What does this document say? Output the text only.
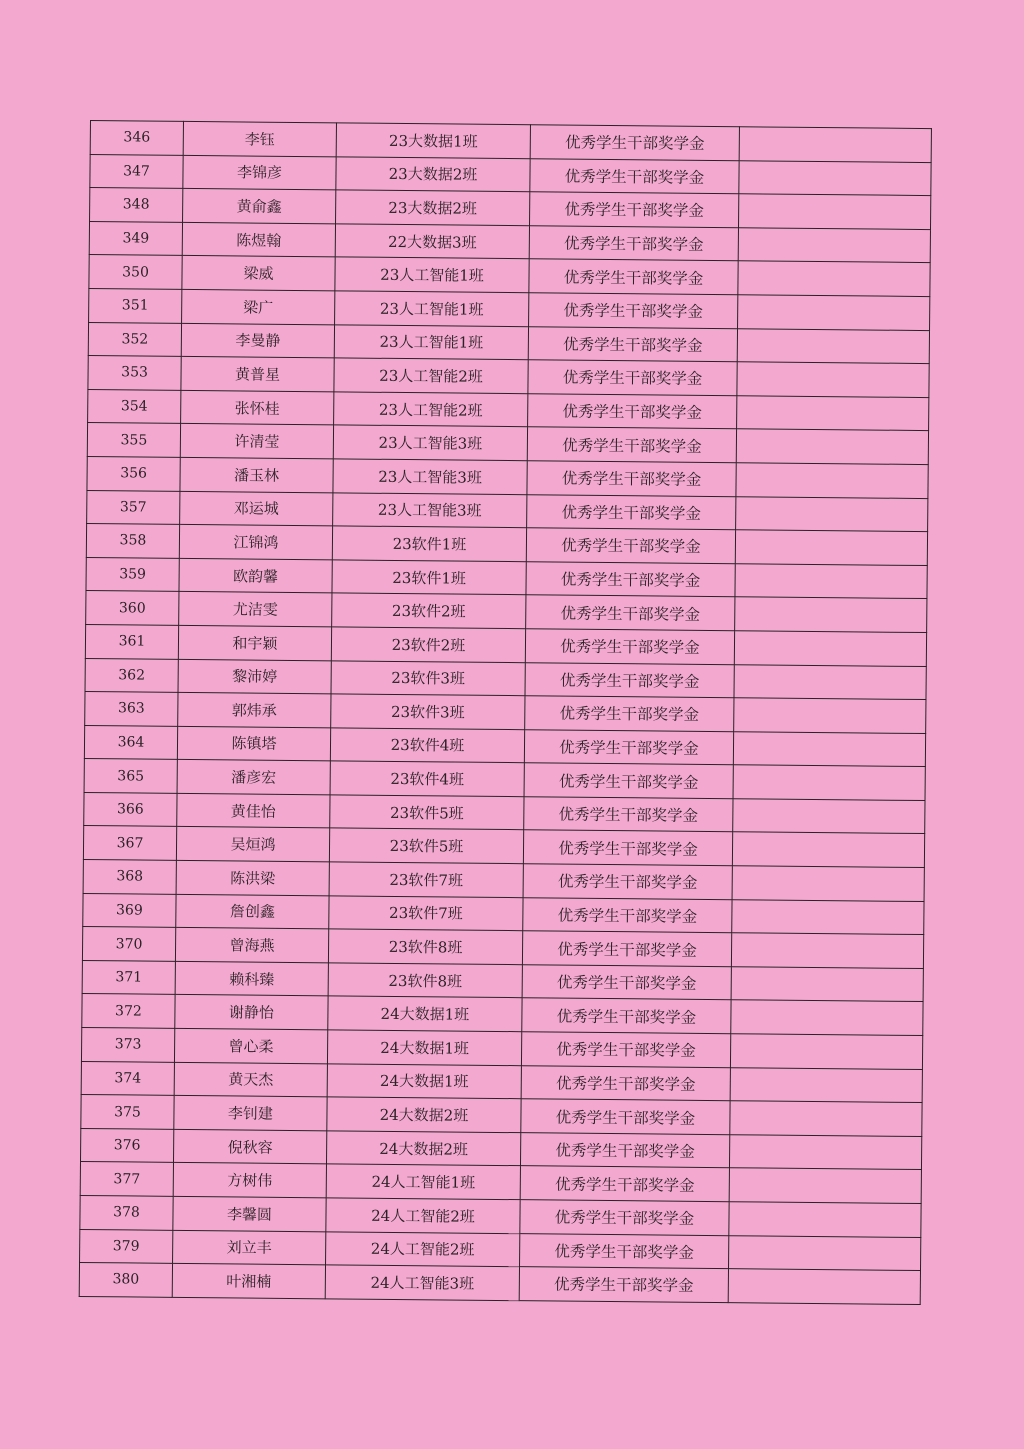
346	李钰	23大数据1班	优秀学生干部奖学金	
347	李锦彦	23大数据2班	优秀学生干部奖学金	
348	黄俞鑫	23大数据2班	优秀学生干部奖学金	
349	陈煜翰	22大数据3班	优秀学生干部奖学金	
350	梁威	23人工智能1班	优秀学生干部奖学金	
351	梁广	23人工智能1班	优秀学生干部奖学金	
352	李曼静	23人工智能1班	优秀学生干部奖学金	
353	黄普星	23人工智能2班	优秀学生干部奖学金	
354	张怀桂	23人工智能2班	优秀学生干部奖学金	
355	许清莹	23人工智能3班	优秀学生干部奖学金	
356	潘玉林	23人工智能3班	优秀学生干部奖学金	
357	邓运城	23人工智能3班	优秀学生干部奖学金	
358	江锦鸿	23软件1班	优秀学生干部奖学金	
359	欧韵馨	23软件1班	优秀学生干部奖学金	
360	尤洁雯	23软件2班	优秀学生干部奖学金	
361	和宇颖	23软件2班	优秀学生干部奖学金	
362	黎沛婷	23软件3班	优秀学生干部奖学金	
363	郭炜承	23软件3班	优秀学生干部奖学金	
364	陈镇塔	23软件4班	优秀学生干部奖学金	
365	潘彦宏	23软件4班	优秀学生干部奖学金	
366	黄佳怡	23软件5班	优秀学生干部奖学金	
367	吴烜鸿	23软件5班	优秀学生干部奖学金	
368	陈洪梁	23软件7班	优秀学生干部奖学金	
369	詹创鑫	23软件7班	优秀学生干部奖学金	
370	曾海燕	23软件8班	优秀学生干部奖学金	
371	赖科臻	23软件8班	优秀学生干部奖学金	
372	谢静怡	24大数据1班	优秀学生干部奖学金	
373	曾心柔	24大数据1班	优秀学生干部奖学金	
374	黄天杰	24大数据1班	优秀学生干部奖学金	
375	李钊建	24大数据2班	优秀学生干部奖学金	
376	倪秋容	24大数据2班	优秀学生干部奖学金	
377	方树伟	24人工智能1班	优秀学生干部奖学金	
378	李馨圆	24人工智能2班	优秀学生干部奖学金	
379	刘立丰	24人工智能2班	优秀学生干部奖学金	
380	叶湘楠	24人工智能3班	优秀学生干部奖学金	
